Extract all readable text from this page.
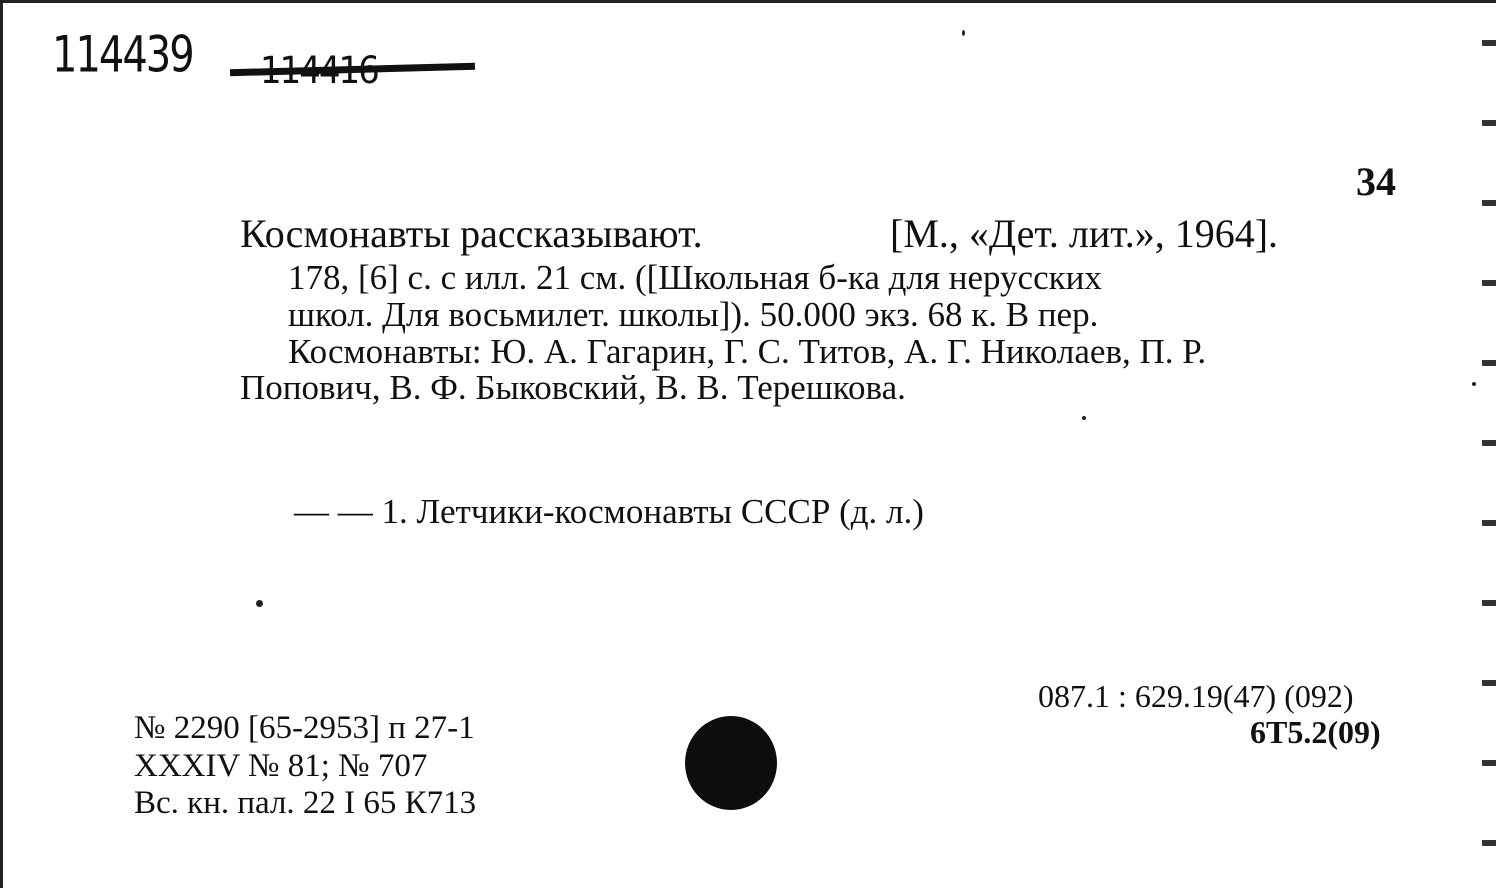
114439
34
Космонавты рассказывают.	[М., «Дет. лит.», 1964].
178, [6] с. с илл. 21 см. ([Школьная б-ка для нерусских
школ. Для восьмилет. школы]). 50.000 экз. 68 к. В пер.
Космонавты: Ю. А. Гагарин, Г. С. Титов, А. Г. Николаев, П. Р.
Попович, В. Ф. Быковский, В. В. Терешкова.
— — 1. Летчики-космонавты СССР (д. л.)
№ 2290 [65-2953] п 27-1
XXXIV № 81; № 707
Вс. кн. пал. 22 I 65 К713
087.1 : 629.19(47) (092)
6Т5.2(09)
